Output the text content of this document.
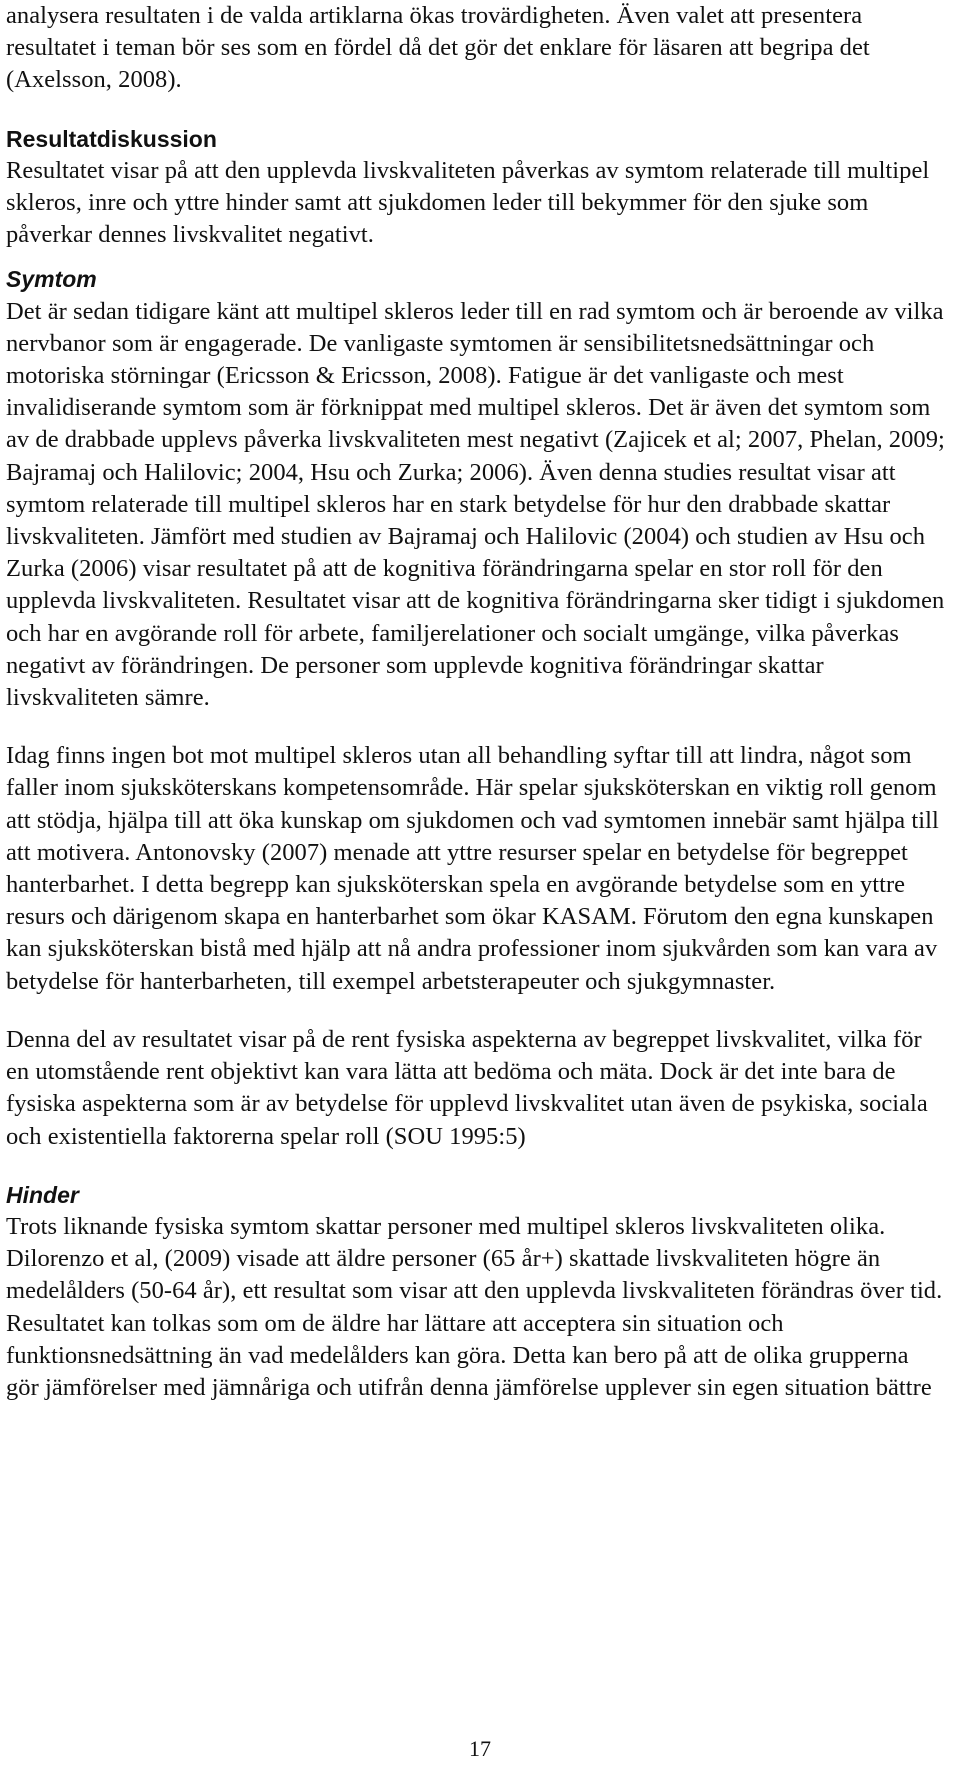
analysera resultaten i de valda artiklarna ökas trovärdigheten. Även valet att presentera resultatet i teman bör ses som en fördel då det gör det enklare för läsaren att begripa det (Axelsson, 2008).

Resultatdiskussion

Resultatet visar på att den upplevda livskvaliteten påverkas av symtom relaterade till multipel skleros, inre och yttre hinder samt att sjukdomen leder till bekymmer för den sjuke som påverkar dennes livskvalitet negativt.

Symtom

Det är sedan tidigare känt att multipel skleros leder till en rad symtom och är beroende av vilka nervbanor som är engagerade. De vanligaste symtomen är sensibilitetsnedsättningar och motoriska störningar (Ericsson & Ericsson, 2008). Fatigue är det vanligaste och mest invalidiserande symtom som är förknippat med multipel skleros. Det är även det symtom som av de drabbade upplevs påverka livskvaliteten mest negativt (Zajicek et al; 2007, Phelan, 2009; Bajramaj och Halilovic; 2004, Hsu och Zurka; 2006). Även denna studies resultat visar att symtom relaterade till multipel skleros har en stark betydelse för hur den drabbade skattar livskvaliteten. Jämfört med studien av Bajramaj och Halilovic (2004) och studien av Hsu och Zurka (2006) visar resultatet på att de kognitiva förändringarna spelar en stor roll för den upplevda livskvaliteten. Resultatet visar att de kognitiva förändringarna sker tidigt i sjukdomen och har en avgörande roll för arbete, familjerelationer och socialt umgänge, vilka påverkas negativt av förändringen. De personer som upplevde kognitiva förändringar skattar livskvaliteten sämre.

Idag finns ingen bot mot multipel skleros utan all behandling syftar till att lindra, något som faller inom sjuksköterskans kompetensområde. Här spelar sjuksköterskan en viktig roll genom att stödja, hjälpa till att öka kunskap om sjukdomen och vad symtomen innebär samt hjälpa till att motivera. Antonovsky (2007) menade att yttre resurser spelar en betydelse för begreppet hanterbarhet. I detta begrepp kan sjuksköterskan spela en avgörande betydelse som en yttre resurs och därigenom skapa en hanterbarhet som ökar KASAM. Förutom den egna kunskapen kan sjuksköterskan bistå med hjälp att nå andra professioner inom sjukvården som kan vara av betydelse för hanterbarheten, till exempel arbetsterapeuter och sjukgymnaster.

Denna del av resultatet visar på de rent fysiska aspekterna av begreppet livskvalitet, vilka för en utomstående rent objektivt kan vara lätta att bedöma och mäta. Dock är det inte bara de fysiska aspekterna som är av betydelse för upplevd livskvalitet utan även de psykiska, sociala och existentiella faktorerna spelar roll (SOU 1995:5)

Hinder

Trots liknande fysiska symtom skattar personer med multipel skleros livskvaliteten olika. Dilorenzo et al, (2009) visade att äldre personer (65 år+) skattade livskvaliteten högre än medelålders (50-64 år), ett resultat som visar att den upplevda livskvaliteten förändras över tid. Resultatet kan tolkas som om de äldre har lättare att acceptera sin situation och funktionsnedsättning än vad medelålders kan göra. Detta kan bero på att de olika grupperna gör jämförelser med jämnåriga och utifrån denna jämförelse upplever sin egen situation bättre

17
